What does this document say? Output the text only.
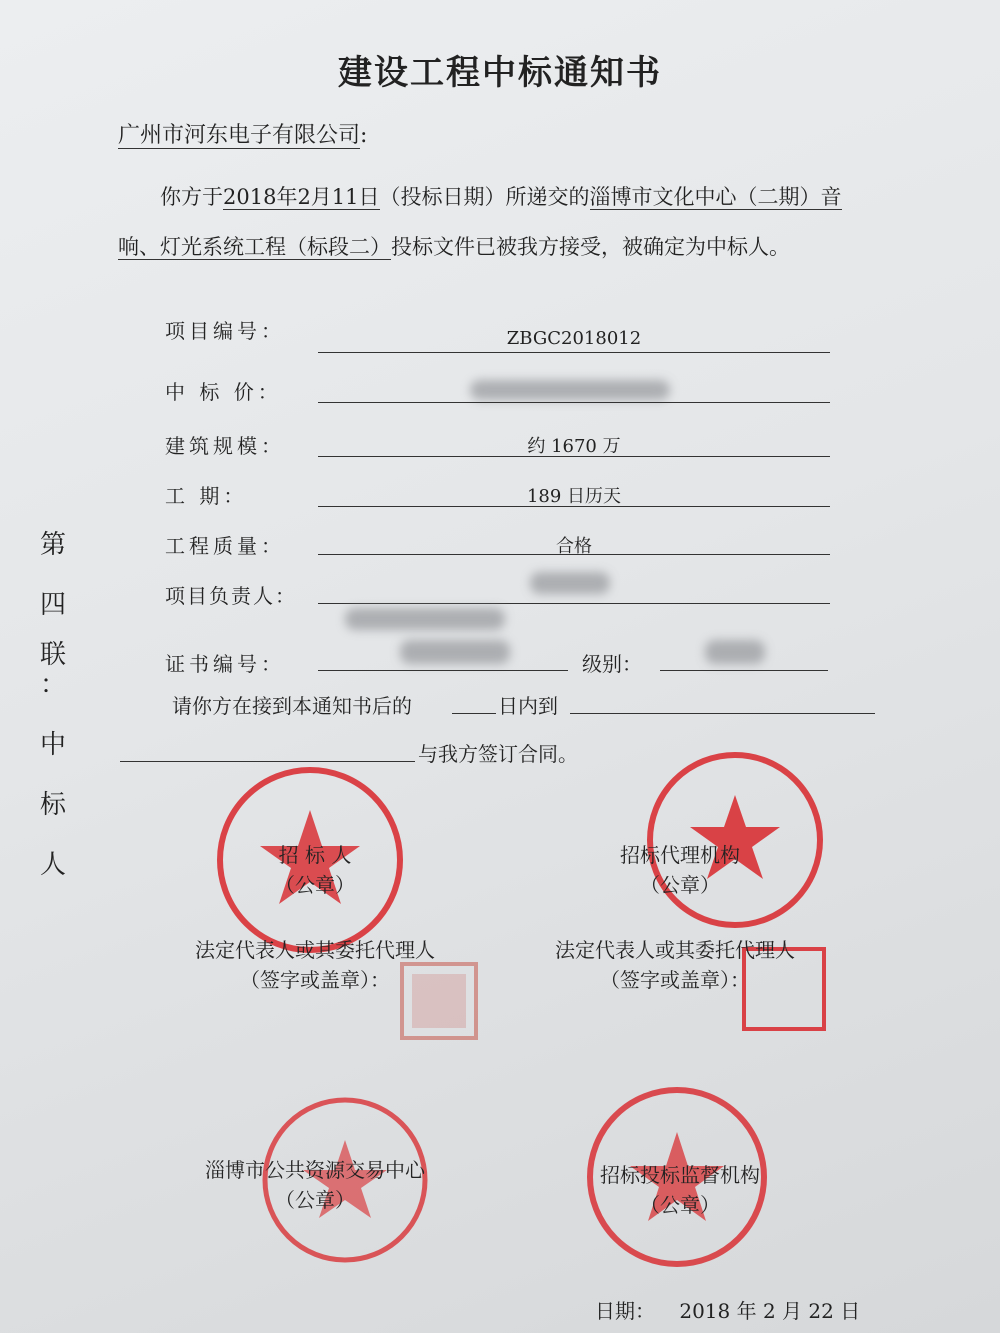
建设工程中标通知书
广州市河东电子有限公司:
你方于2018年2月11日（投标日期）所递交的淄博市文化中心（二期）音响、灯光系统工程（标段二）投标文件已被我方接受，被确定为中标人。
项目编号：	ZBGC2018012
中 标 价：
建筑规模：	约 1670 万
工 期：	189 日历天
工程质量：	合格
项目负责人：
证书编号：	级别：
请你方在接到本通知书后的	日内到
与我方签订合同。
第
四
联
：
中
标
人	招 标 人
（公章）
招标代理机构
（公章）
法定代表人或其委托代理人
（签字或盖章）：
法定代表人或其委托代理人
（签字或盖章）：
淄博市公共资源交易中心
（公章）
招标投标监督机构
（公章）
日期： 2018 年 2 月 22 日
